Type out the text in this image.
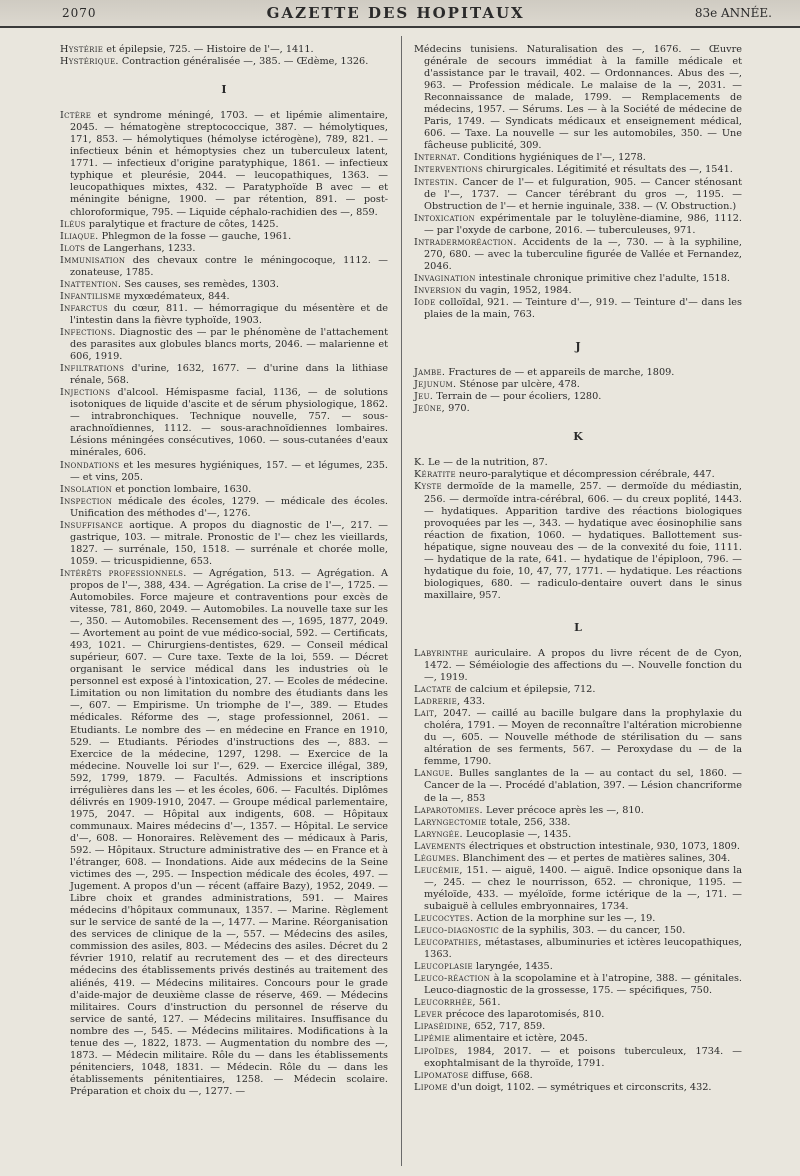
2070	GAZETTE DES HOPITAUX	83e ANNÉE.

Hystérie et épilepsie, 725. — Histoire de l'—, 1411.

Hystérique. Contraction généralisée —, 385. — Œdème, 1326.

I

Ictère et syndrome méningé, 1703. — et lipémie alimentaire, 2045. — hématogène streptococcique, 387. — hémolytiques, 171, 853. — hémolytiques (hémolyse ictérogène), 789, 821. — infectieux bénin et hémoptysies chez un tuberculeux latent, 1771. — infectieux d'origine paratyphique, 1861. — infectieux typhique et pleurésie, 2044. — leucopathiques, 1363. — leucopathiques mixtes, 432. — Paratyphoïde B avec — et méningite bénigne, 1900. — par rétention, 891. — post-chloroformique, 795. — Liquide céphalo-rachidien des —, 859.

Iléus paralytique et fracture de côtes, 1425.

Iliaque. Phlegmon de la fosse — gauche, 1961.

Ilots de Langerhans, 1233.

Immunisation des chevaux contre le méningocoque, 1112. — zonateuse, 1785.

Inattention. Ses causes, ses remèdes, 1303.

Infantilisme myxœdémateux, 844.

Infarctus du cœur, 811. — hémorragique du mésentère et de l'intestin dans la fièvre typhoïde, 1903.

Infections. Diagnostic des — par le phénomène de l'attachement des parasites aux globules blancs morts, 2046. — malarienne et 606, 1919.

Infiltrations d'urine, 1632, 1677. — d'urine dans la lithiase rénale, 568.

Injections d'alcool. Hémispasme facial, 1136, — de solutions isotoniques de liquide d'ascite et de sérum physiologique, 1862. — intrabronchiques. Technique nouvelle, 757. — sous-arachnoïdiennes, 1112. — sous-arachnoïdiennes lombaires. Lésions méningées consécutives, 1060. — sous-cutanées d'eaux minérales, 606.

Inondations et les mesures hygiéniques, 157. — et légumes, 235. — et vins, 205.

Insolation et ponction lombaire, 1630.

Inspection médicale des écoles, 1279. — médicale des écoles. Unification des méthodes d'—, 1276.

Insuffisance aortique. A propos du diagnostic de l'—, 217. — gastrique, 103. — mitrale. Pronostic de l'— chez les vieillards, 1827. — surrénale, 150, 1518. — surrénale et chorée molle, 1059. — tricuspidienne, 653.

Intérêts professionnels. — Agrégation, 513. — Agrégation. A propos de l'—, 388, 434. — Agrégation. La crise de l'—, 1725. — Automobiles. Force majeure et contraventions pour excès de vitesse, 781, 860, 2049. — Automobiles. La nouvelle taxe sur les —, 350. — Automobiles. Recensement des —, 1695, 1877, 2049. — Avortement au point de vue médico-social, 592. — Certificats, 493, 1021. — Chirurgiens-dentistes, 629. — Conseil médical supérieur, 607. — Cure taxe. Texte de la loi, 559. — Décret organisant le service médical dans les industries où le personnel est exposé à l'intoxication, 27. — Ecoles de médecine. Limitation ou non limitation du nombre des étudiants dans les —, 607. — Empirisme. Un triomphe de l'—, 389. — Etudes médicales. Réforme des —, stage professionnel, 2061. — Etudiants. Le nombre des — en médecine en France en 1910, 529. — Etudiants. Périodes d'instructions des —, 883. — Exercice de la médecine, 1297, 1298. — Exercice de la médecine. Nouvelle loi sur l'—, 629. — Exercice illégal, 389, 592, 1799, 1879. — Facultés. Admissions et inscriptions irrégulières dans les — et les écoles, 606. — Facultés. Diplômes délivrés en 1909-1910, 2047. — Groupe médical parlementaire, 1975, 2047. — Hôpital aux indigents, 608. — Hôpitaux communaux. Maires médecins d'—, 1357. — Hôpital. Le service d'—, 608. — Honoraires. Relèvement des — médicaux à Paris, 592. — Hôpitaux. Structure administrative des — en France et à l'étranger, 608. — Inondations. Aide aux médecins de la Seine victimes des —, 295. — Inspection médicale des écoles, 497. — Jugement. A propos d'un — récent (affaire Bazy), 1952, 2049. — Libre choix et grandes administrations, 591. — Maires médecins d'hôpitaux communaux, 1357. — Marine. Règlement sur le service de santé de la —, 1477. — Marine. Réorganisation des services de clinique de la —, 557. — Médecins des asiles, commission des asiles, 803. — Médecins des asiles. Décret du 2 février 1910, relatif au recrutement des — et des directeurs médecins des établissements privés destinés au traitement des aliénés, 419. — Médecins militaires. Concours pour le grade d'aide-major de deuxième classe de réserve, 469. — Médecins militaires. Cours d'instruction du personnel de réserve du service de santé, 127. — Médecins militaires. Insuffisance du nombre des —, 545. — Médecins militaires. Modifications à la tenue des —, 1822, 1873. — Augmentation du nombre des —, 1873. — Médecin militaire. Rôle du — dans les établissements pénitenciers, 1048, 1831. — Médecin. Rôle du — dans les établissements pénitentiaires, 1258. — Médecin scolaire. Préparation et choix du —, 1277. —

Médecins tunisiens. Naturalisation des —, 1676. — Œuvre générale de secours immédiat à la famille médicale et d'assistance par le travail, 402. — Ordonnances. Abus des —, 963. — Profession médicale. Le malaise de la —, 2031. — Reconnaissance de malade, 1799. — Remplacements de médecins, 1957. — Sérums. Les — à la Société de médecine de Paris, 1749. — Syndicats médicaux et enseignement médical, 606. — Taxe. La nouvelle — sur les automobiles, 350. — Une fâcheuse publicité, 309.

Internat. Conditions hygiéniques de l'—, 1278.

Interventions chirurgicales. Légitimité et résultats des —, 1541.

Intestin. Cancer de l'— et fulguration, 905. — Cancer sténosant de l'—, 1737. — Cancer térébrant du gros —, 1195. — Obstruction de l'— et hernie inguinale, 338. — (V. Obstruction.)

Intoxication expérimentale par le toluylène-diamine, 986, 1112. — par l'oxyde de carbone, 2016. — tuberculeuses, 971.

Intradermoréaction. Accidents de la —, 730. — à la syphiline, 270, 680. — avec la tuberculine figurée de Vallée et Fernandez, 2046.

Invagination intestinale chronique primitive chez l'adulte, 1518.

Inversion du vagin, 1952, 1984.

Iode colloïdal, 921. — Teinture d'—, 919. — Teinture d'— dans les plaies de la main, 763.

J

Jambe. Fractures de — et appareils de marche, 1809.

Jejunum. Sténose par ulcère, 478.

Jeu. Terrain de — pour écoliers, 1280.

Jeûne, 970.

K

K. Le — de la nutrition, 87.

Kératite neuro-paralytique et décompression cérébrale, 447.

Kyste dermoïde de la mamelle, 257. — dermoïde du médiastin, 256. — dermoïde intra-cérébral, 606. — du creux poplité, 1443. — hydatiques. Apparition tardive des réactions biologiques provoquées par les —, 343. — hydatique avec éosinophilie sans réaction de fixation, 1060. — hydatiques. Ballottement sus-hépatique, signe nouveau des — de la convexité du foie, 1111. — hydatique de la rate, 641. — hydatique de l'épiploon, 796. — hydatique du foie, 10, 47, 77, 1771. — hydatique. Les réactions biologiques, 680. — radiculo-dentaire ouvert dans le sinus maxillaire, 957.

L

Labyrinthe auriculaire. A propos du livre récent de de Cyon, 1472. — Séméiologie des affections du —. Nouvelle fonction du —, 1919.

Lactate de calcium et épilepsie, 712.

Ladrerie, 433.

Lait, 2047. — caillé au bacille bulgare dans la prophylaxie du choléra, 1791. — Moyen de reconnaître l'altération microbienne du —, 605. — Nouvelle méthode de stérilisation du — sans altération de ses ferments, 567. — Peroxydase du — de la femme, 1790.

Langue. Bulles sanglantes de la — au contact du sel, 1860. — Cancer de la —. Procédé d'ablation, 397. — Lésion chancriforme de la —, 853

Laparotomies. Lever précoce après les —, 810.

Laryngectomie totale, 256, 338.

Laryngée. Leucoplasie —, 1435.

Lavements électriques et obstruction intestinale, 930, 1073, 1809.

Légumes. Blanchiment des — et pertes de matières salines, 304.

Leucémie, 151. — aiguë, 1400. — aiguë. Indice opsonique dans la —, 245. — chez le nourrisson, 652. — chronique, 1195. — myéloïde, 433. — myéloïde, forme ictérique de la —, 171. — subaiguë à cellules embryonnaires, 1734.

Leucocytes. Action de la morphine sur les —, 19.

Leuco-diagnostic de la syphilis, 303. — du cancer, 150.

Leucopathies, métastases, albuminuries et ictères leucopathiques, 1363.

Leucoplasie laryngée, 1435.

Leuco-réaction à la scopolamine et à l'atropine, 388. — génitales. Leuco-diagnostic de la grossesse, 175. — spécifiques, 750.

Leucorrhée, 561.

Lever précoce des laparotomisés, 810.

Lipaséidine, 652, 717, 859.

Lipémie alimentaire et ictère, 2045.

Lipoïdes, 1984, 2017. — et poisons tuberculeux, 1734. — exophtalmisant de la thyroïde, 1791.

Lipomatose diffuse, 668.

Lipome d'un doigt, 1102. — symétriques et circonscrits, 432.
